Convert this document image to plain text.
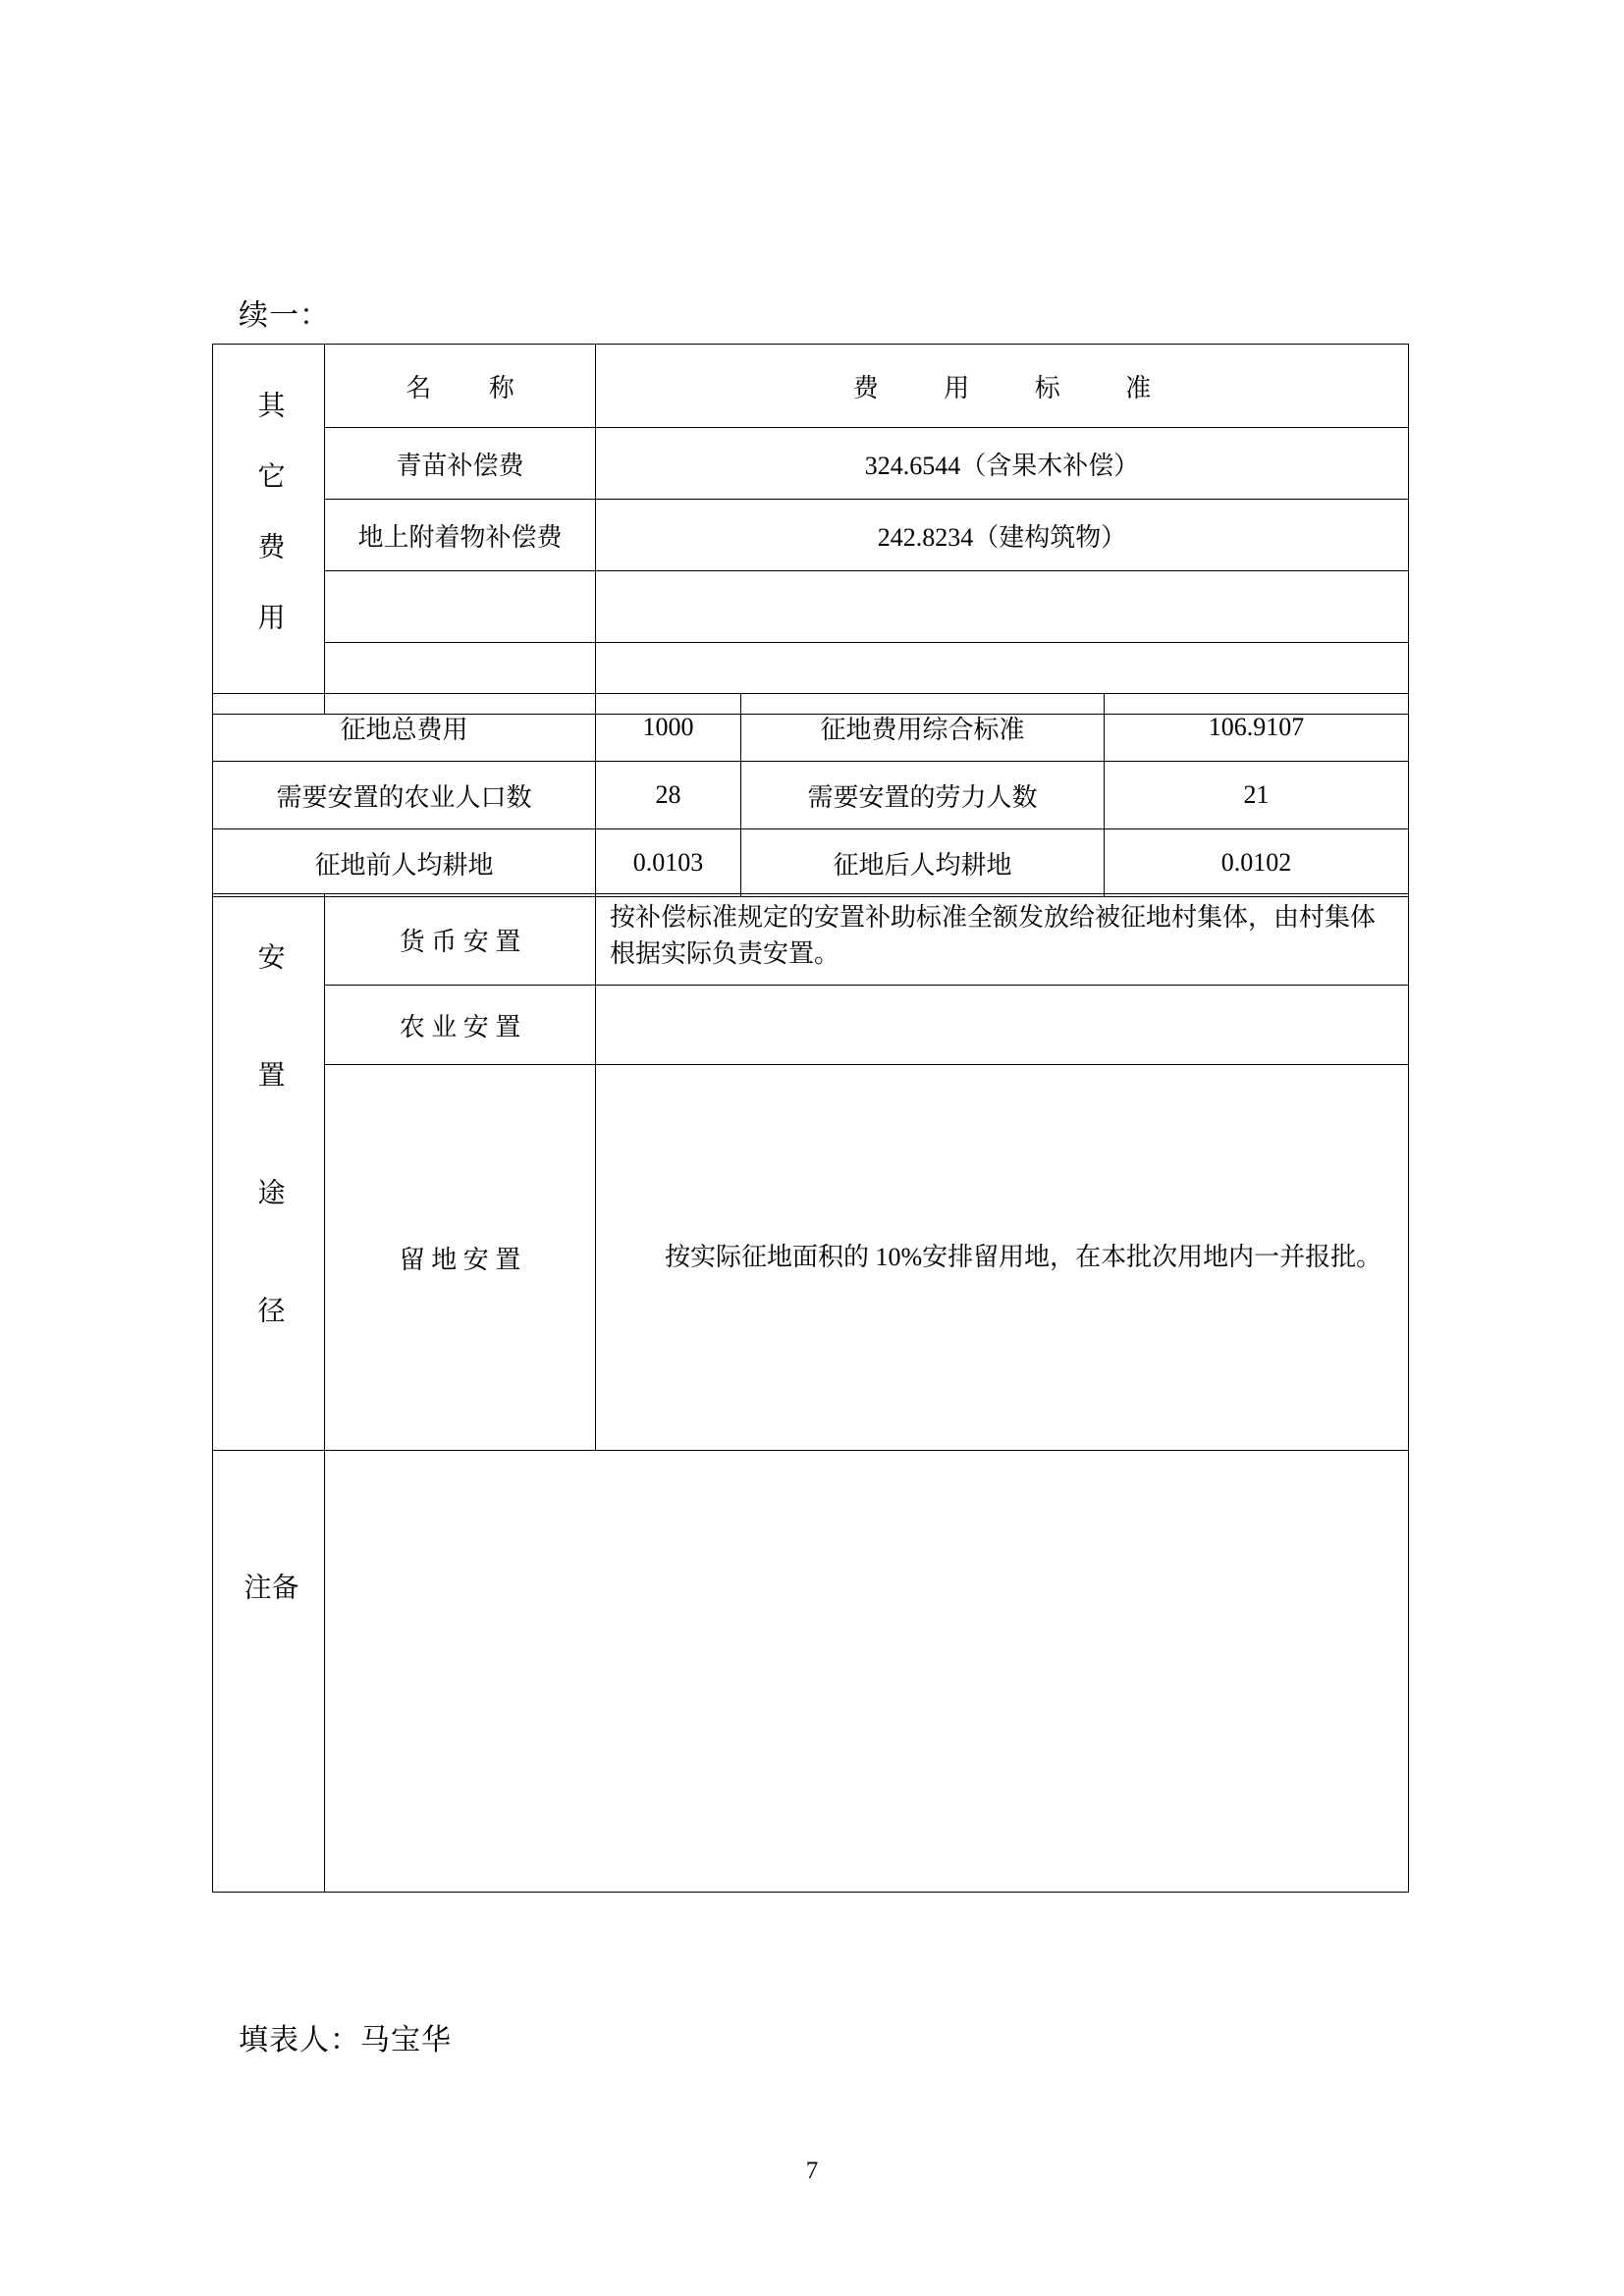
续一：
其它费用	名 称	费 用 标 准
	青苗补偿费	324.6544（含果木补偿）
	地上附着物补偿费	242.8234（建构筑物）

征地总费用	1000	征地费用综合标准	106.9107
需要安置的农业人口数	28	需要安置的劳力人数	21
征地前人均耕地	0.0103	征地后人均耕地	0.0102
安置途径	货 币 安 置	按补偿标准规定的安置补助标准全额发放给被征地村集体，由村集体根据实际负责安置。
	农 业 安 置	
	留 地 安 置	按实际征地面积的 10%安排留用地，在本批次用地内一并报批。

备注		
填表人：马宝华
7
